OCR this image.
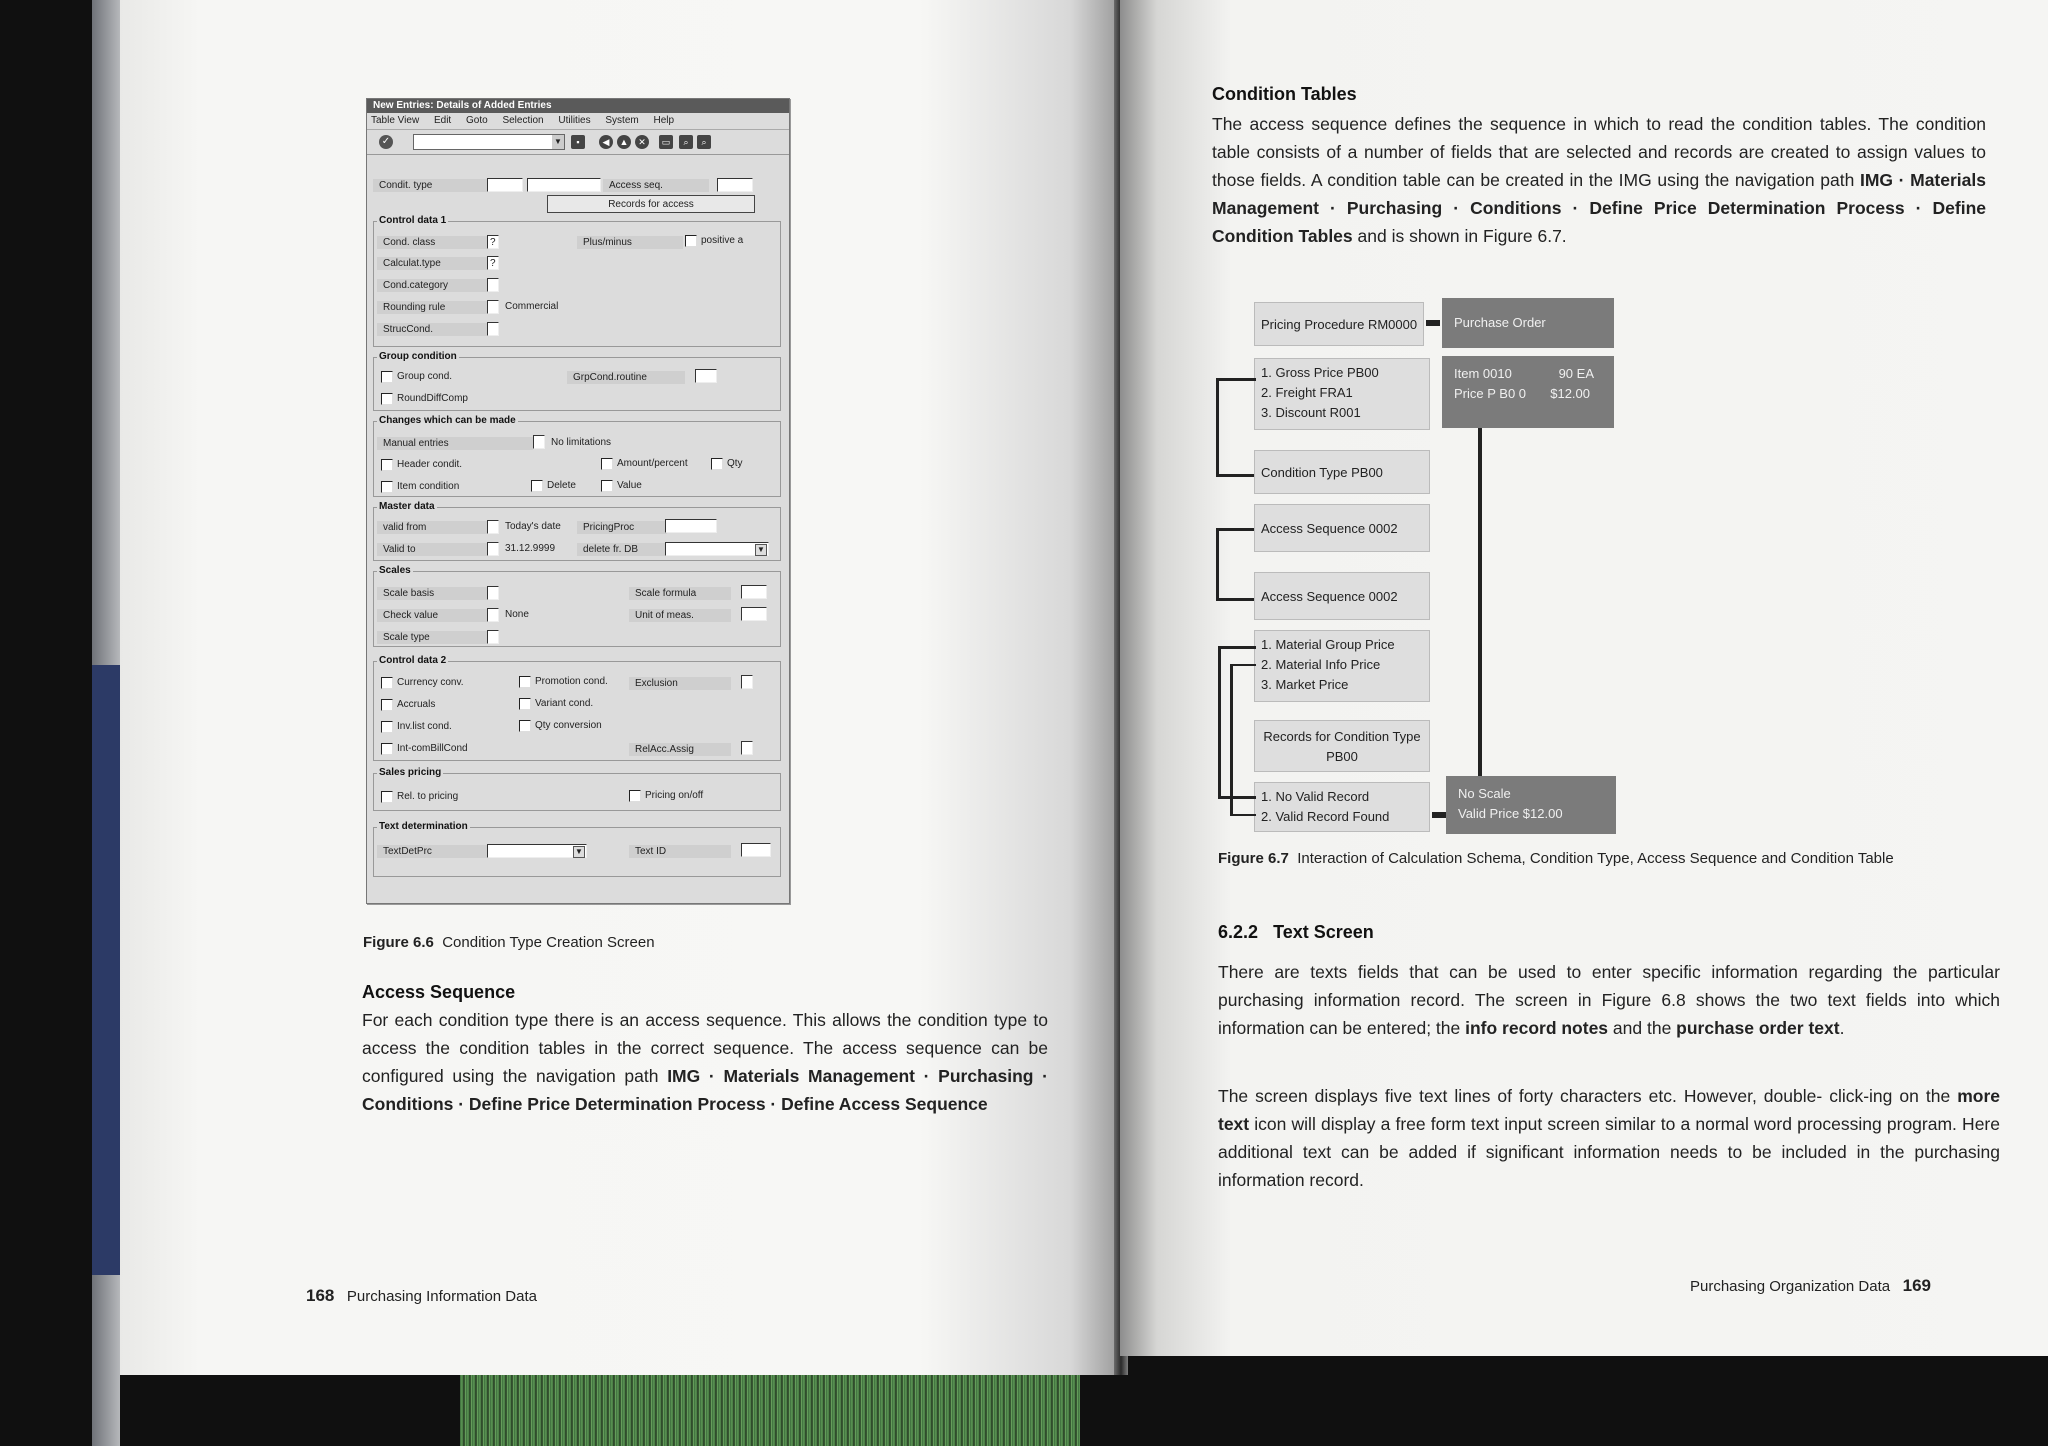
New Entries: Details of Added Entries
Table View Edit Goto Selection Utilities System Help
✓	▼	▪	◀	▲	✕	▭	⌕	⌕
Condit. type	Access seq.
Records for access
Control data 1
Cond. class	?	Plus/minus	positive a
Calculat.type	?
Cond.category
Rounding rule	Commercial
StrucCond.
Group condition
Group cond.	GrpCond.routine
RoundDiffComp
Changes which can be made
Manual entries	No limitations
Header condit.	Amount/percent	Qty
Item condition	Delete	Value
Master data
valid from	Today's date	PricingProc
Valid to	31.12.9999	delete fr. DB	▼
Scales
Scale basis	Scale formula
Check value	None	Unit of meas.
Scale type
Control data 2
Currency conv.	Promotion cond.	Exclusion
Accruals	Variant cond.
Inv.list cond.	Qty conversion
Int-comBillCond	RelAcc.Assig
Sales pricing
Rel. to pricing	Pricing on/off
Text determination
TextDetPrc	▼	Text ID
Figure 6.6 Condition Type Creation Screen
Access Sequence
For each condition type there is an access sequence. This allows the condition type to access the condition tables in the correct sequence. The access sequence can be configured using the navigation path IMG · Materials Management · Purchasing · Conditions · Define Price Determination Process · Define Access Sequence
168 Purchasing Information Data
Condition Tables
The access sequence defines the sequence in which to read the condition tables. The condition table consists of a number of fields that are selected and records are created to assign values to those fields. A condition table can be created in the IMG using the navigation path IMG · Materials Management · Purchasing · Conditions · Define Price Determination Process · Define Condition Tables and is shown in Figure 6.7.
Pricing Procedure RM0000	Purchase Order
1. Gross Price PB00
2. Freight FRA1
3. Discount R001
Item 0010	90 EA
Price P B0 0 $12.00
Condition Type PB00
Access Sequence 0002
Access Sequence 0002
1. Material Group Price
2. Material Info Price
3. Market Price
Records for Condition Type
PB00
1. No Valid Record
2. Valid Record Found
No Scale
Valid Price $12.00
Figure 6.7 Interaction of Calculation Schema, Condition Type, Access Sequence and Condition Table
6.2.2 Text Screen
There are texts fields that can be used to enter specific information regarding the particular purchasing information record. The screen in Figure 6.8 shows the two text fields into which information can be entered; the info record notes and the purchase order text.
The screen displays five text lines of forty characters etc. However, double- click-ing on the more text icon will display a free form text input screen similar to a normal word processing program. Here additional text can be added if significant information needs to be included in the purchasing information record.
Purchasing Organization Data 169
